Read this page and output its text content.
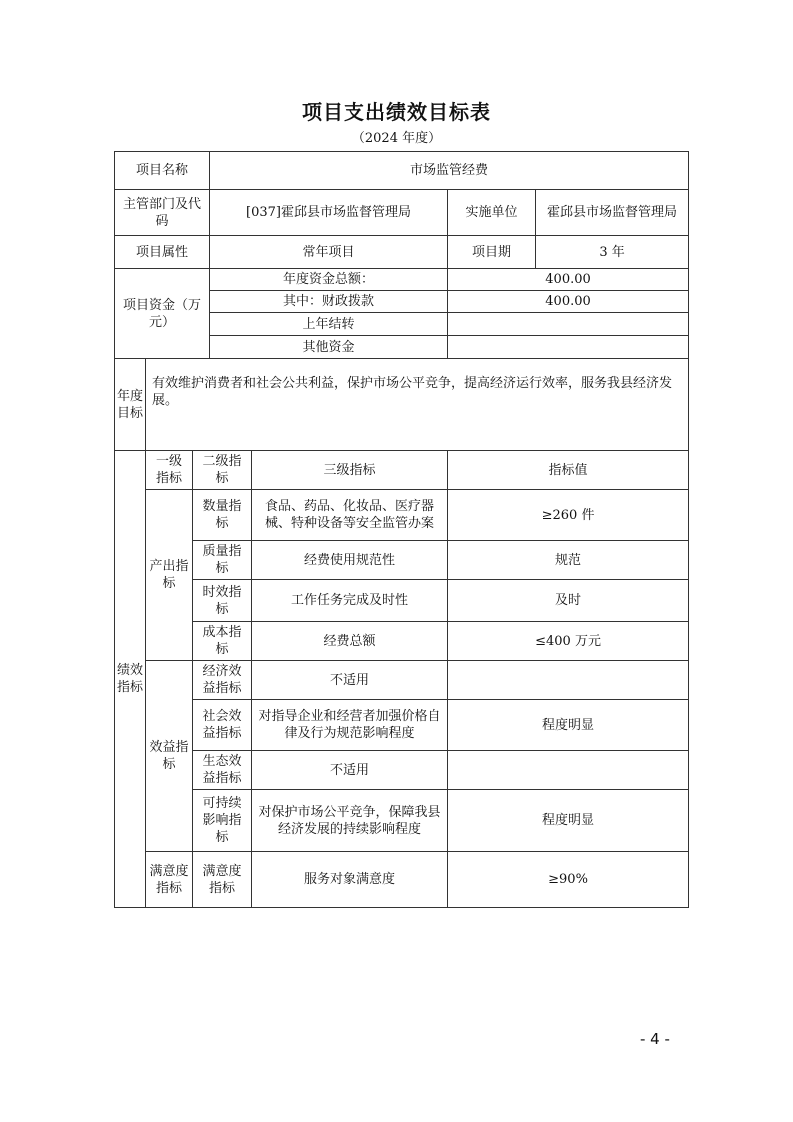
项目支出绩效目标表
（2024 年度）
项目名称			市场监管经费			
主管部门及代码			[037]霍邱县市场监督管理局		实施单位	霍邱县市场监督管理局
项目属性			常年项目		项目期	3 年
项目资金（万元）			年度资金总额：		400.00	
			其中：财政拨款		400.00	
			上年结转			
			其他资金			
年度目标	有效维护消费者和社会公共利益，保护市场公平竞争，提高经济运行效率，服务我县经济发展。					
绩效指标	一级指标	二级指标		三级指标	指标值	
	产出指标	数量指标		食品、药品、化妆品、医疗器械、特种设备等安全监管办案	≥260 件	
		质量指标		经费使用规范性	规范	
		时效指标		工作任务完成及时性	及时	
		成本指标		经费总额	≤400 万元	
	效益指标	经济效益指标		不适用		
		社会效益指标		对指导企业和经营者加强价格自律及行为规范影响程度	程度明显	
		生态效益指标		不适用		
		可持续影响指标		对保护市场公平竞争，保障我县经济发展的持续影响程度	程度明显	
	满意度指标	满意度指标		服务对象满意度	≥90%	
- 4 -
